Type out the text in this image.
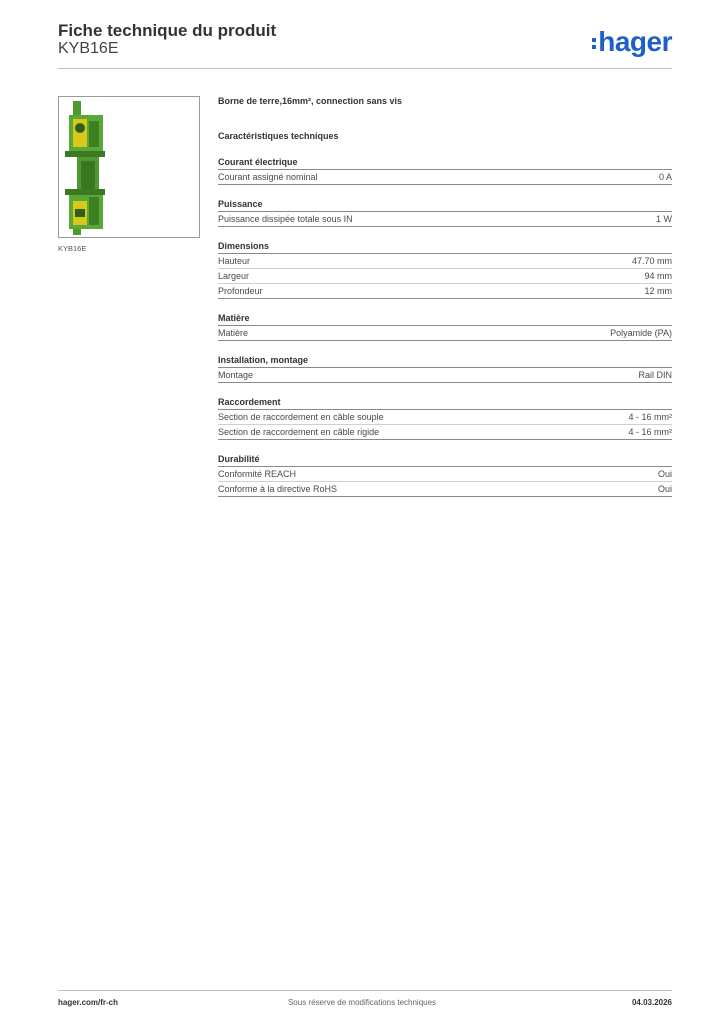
Fiche technique du produit
KYB16E	hager
KYB16E
Borne de terre,16mm², connection sans vis
Caractéristiques techniques
Courant électrique
Courant assigné nominal	0 A
Puissance
Puissance dissipée totale sous IN	1 W
Dimensions
Hauteur	47.70 mm
Largeur	94 mm
Profondeur	12 mm
Matière
Matière	Polyamide (PA)
Installation, montage
Montage	Rail DIN
Raccordement
Section de raccordement en câble souple	4 - 16 mm²
Section de raccordement en câble rigide	4 - 16 mm²
Durabilité
Conformité REACH	Oui
Conforme à la directive RoHS	Oui
hager.com/fr-ch	Sous réserve de modifications techniques	04.03.2026
